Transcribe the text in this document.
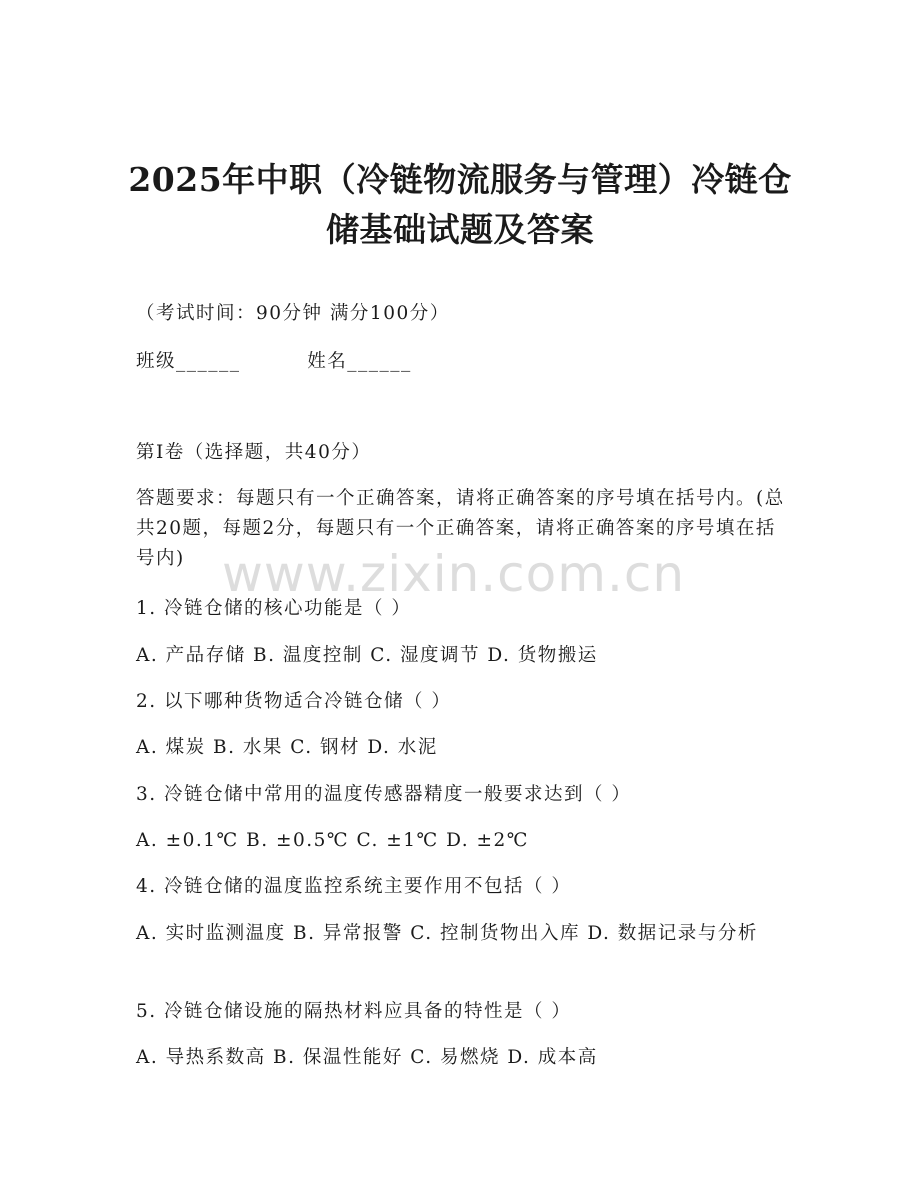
2025年中职（冷链物流服务与管理）冷链仓
储基础试题及答案
（考试时间：90分钟 满分100分）
班级______	姓名______
第I卷（选择题，共40分）
答题要求：每题只有一个正确答案，请将正确答案的序号填在括号内。(总共20题，每题2分，每题只有一个正确答案，请将正确答案的序号填在括号内) www.zixin.com.cn
1. 冷链仓储的核心功能是（ ）
A. 产品存储 B. 温度控制 C. 湿度调节 D. 货物搬运
2. 以下哪种货物适合冷链仓储（ ）
A. 煤炭 B. 水果 C. 钢材 D. 水泥
3. 冷链仓储中常用的温度传感器精度一般要求达到（ ）
A. ±0.1℃ B. ±0.5℃ C. ±1℃ D. ±2℃
4. 冷链仓储的温度监控系统主要作用不包括（ ）
A. 实时监测温度 B. 异常报警 C. 控制货物出入库 D. 数据记录与分析
5. 冷链仓储设施的隔热材料应具备的特性是（ ）
A. 导热系数高 B. 保温性能好 C. 易燃烧 D. 成本高
